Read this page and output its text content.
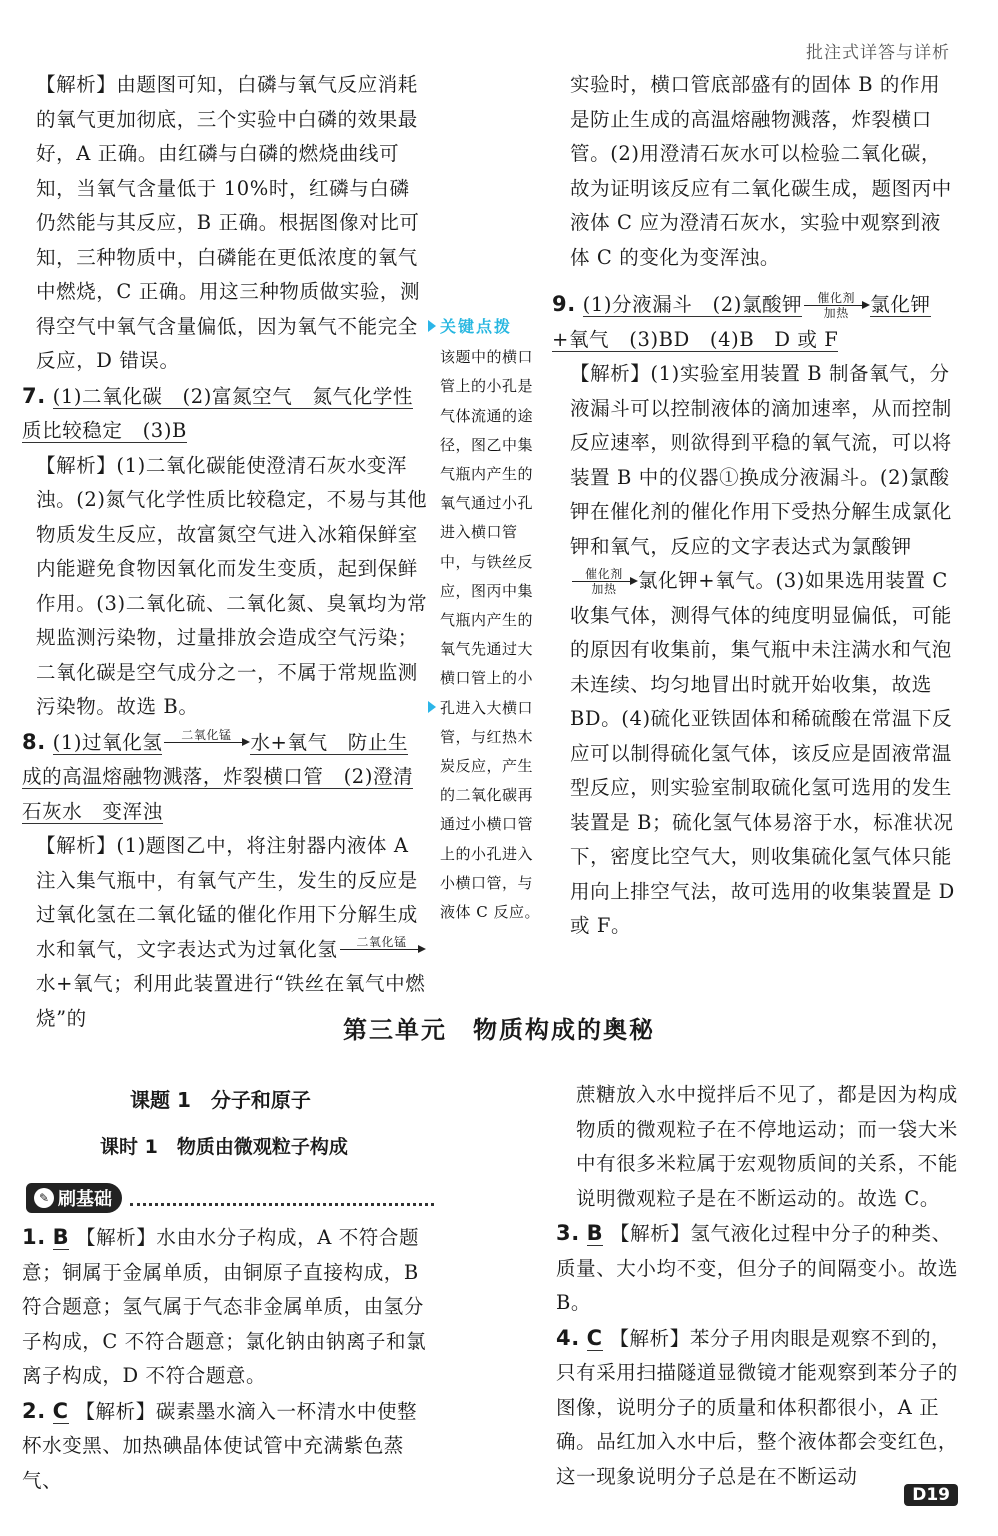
批注式详答与详析

【解析】由题图可知，白磷与氧气反应消耗的氧气更加彻底，三个实验中白磷的效果最好，A 正确。由红磷与白磷的燃烧曲线可知，当氧气含量低于 10%时，红磷与白磷仍然能与其反应，B 正确。根据图像对比可知，三种物质中，白磷能在更低浓度的氧气中燃烧，C 正确。用这三种物质做实验，测得空气中氧气含量偏低，因为氧气不能完全反应，D 错误。

7. (1)二氧化碳　(2)富氮空气　氮气化学性质比较稳定　(3)B

【解析】(1)二氧化碳能使澄清石灰水变浑浊。(2)氮气化学性质比较稳定，不易与其他物质发生反应，故富氮空气进入冰箱保鲜室内能避免食物因氧化而发生变质，起到保鲜作用。(3)二氧化硫、二氧化氮、臭氧均为常规监测污染物，过量排放会造成空气污染；二氧化碳是空气成分之一，不属于常规监测污染物。故选 B。

8. (1)过氧化氢	二氧化锰
水+氧气　防止生成的高温熔融物溅落，炸裂横口管　(2)澄清石灰水　变浑浊

【解析】(1)题图乙中，将注射器内液体 A 注入集气瓶中，有氧气产生，发生的反应是过氧化氢在二氧化锰的催化作用下分解生成水和氧气，文字表达式为过氧化氢	二氧化锰

水+氧气；利用此装置进行“铁丝在氧气中燃烧”的

关键点拨
该题中的横口管上的小孔是气体流通的途径，图乙中集气瓶内产生的氧气通过小孔进入横口管中，与铁丝反应，图丙中集气瓶内产生的氧气先通过大横口管上的小孔进入大横口管，与红热木炭反应，产生的二氧化碳再通过小横口管上的小孔进入小横口管，与液体 C 反应。

实验时，横口管底部盛有的固体 B 的作用是防止生成的高温熔融物溅落，炸裂横口管。(2)用澄清石灰水可以检验二氧化碳，故为证明该反应有二氧化碳生成，题图丙中液体 C 应为澄清石灰水，实验中观察到液体 C 的变化为变浑浊。

9. (1)分液漏斗　(2)氯酸钾	催化剂
加热	氯化钾+氧气　(3)BD　(4)B　D 或 F

【解析】(1)实验室用装置 B 制备氧气，分液漏斗可以控制液体的滴加速率，从而控制反应速率，则欲得到平稳的氧气流，可以将装置 B 中的仪器①换成分液漏斗。(2)氯酸钾在催化剂的催化作用下受热分解生成氯化钾和氧气，反应的文字表达式为氯酸钾
催化剂
加热	氯化钾+氧气。(3)如果选用装置 C 收集气体，测得气体的纯度明显偏低，可能的原因有收集前，集气瓶中未注满水和气泡未连续、均匀地冒出时就开始收集，故选 BD。(4)硫化亚铁固体和稀硫酸在常温下反应可以制得硫化氢气体，该反应是固液常温型反应，则实验室制取硫化氢可选用的发生装置是 B；硫化氢气体易溶于水，标准状况下，密度比空气大，则收集硫化氢气体只能用向上排空气法，故可选用的收集装置是 D 或 F。

第三单元　物质构成的奥秘
课题 1　分子和原子
课时 1　物质由微观粒子构成
✎ 刷基础

1. B 【解析】水由水分子构成，A 不符合题意；铜属于金属单质，由铜原子直接构成，B 符合题意；氢气属于气态非金属单质，由氢分子构成，C 不符合题意；氯化钠由钠离子和氯离子构成，D 不符合题意。

2. C 【解析】碳素墨水滴入一杯清水中使整杯水变黑、加热碘晶体使试管中充满紫色蒸气、

蔗糖放入水中搅拌后不见了，都是因为构成物质的微观粒子在不停地运动；而一袋大米中有很多米粒属于宏观物质间的关系，不能说明微观粒子是在不断运动的。故选 C。

3. B 【解析】氢气液化过程中分子的种类、质量、大小均不变，但分子的间隔变小。故选 B。

4. C 【解析】苯分子用肉眼是观察不到的，只有采用扫描隧道显微镜才能观察到苯分子的图像，说明分子的质量和体积都很小，A 正确。品红加入水中后，整个液体都会变红色，这一现象说明分子总是在不断运动

D19
